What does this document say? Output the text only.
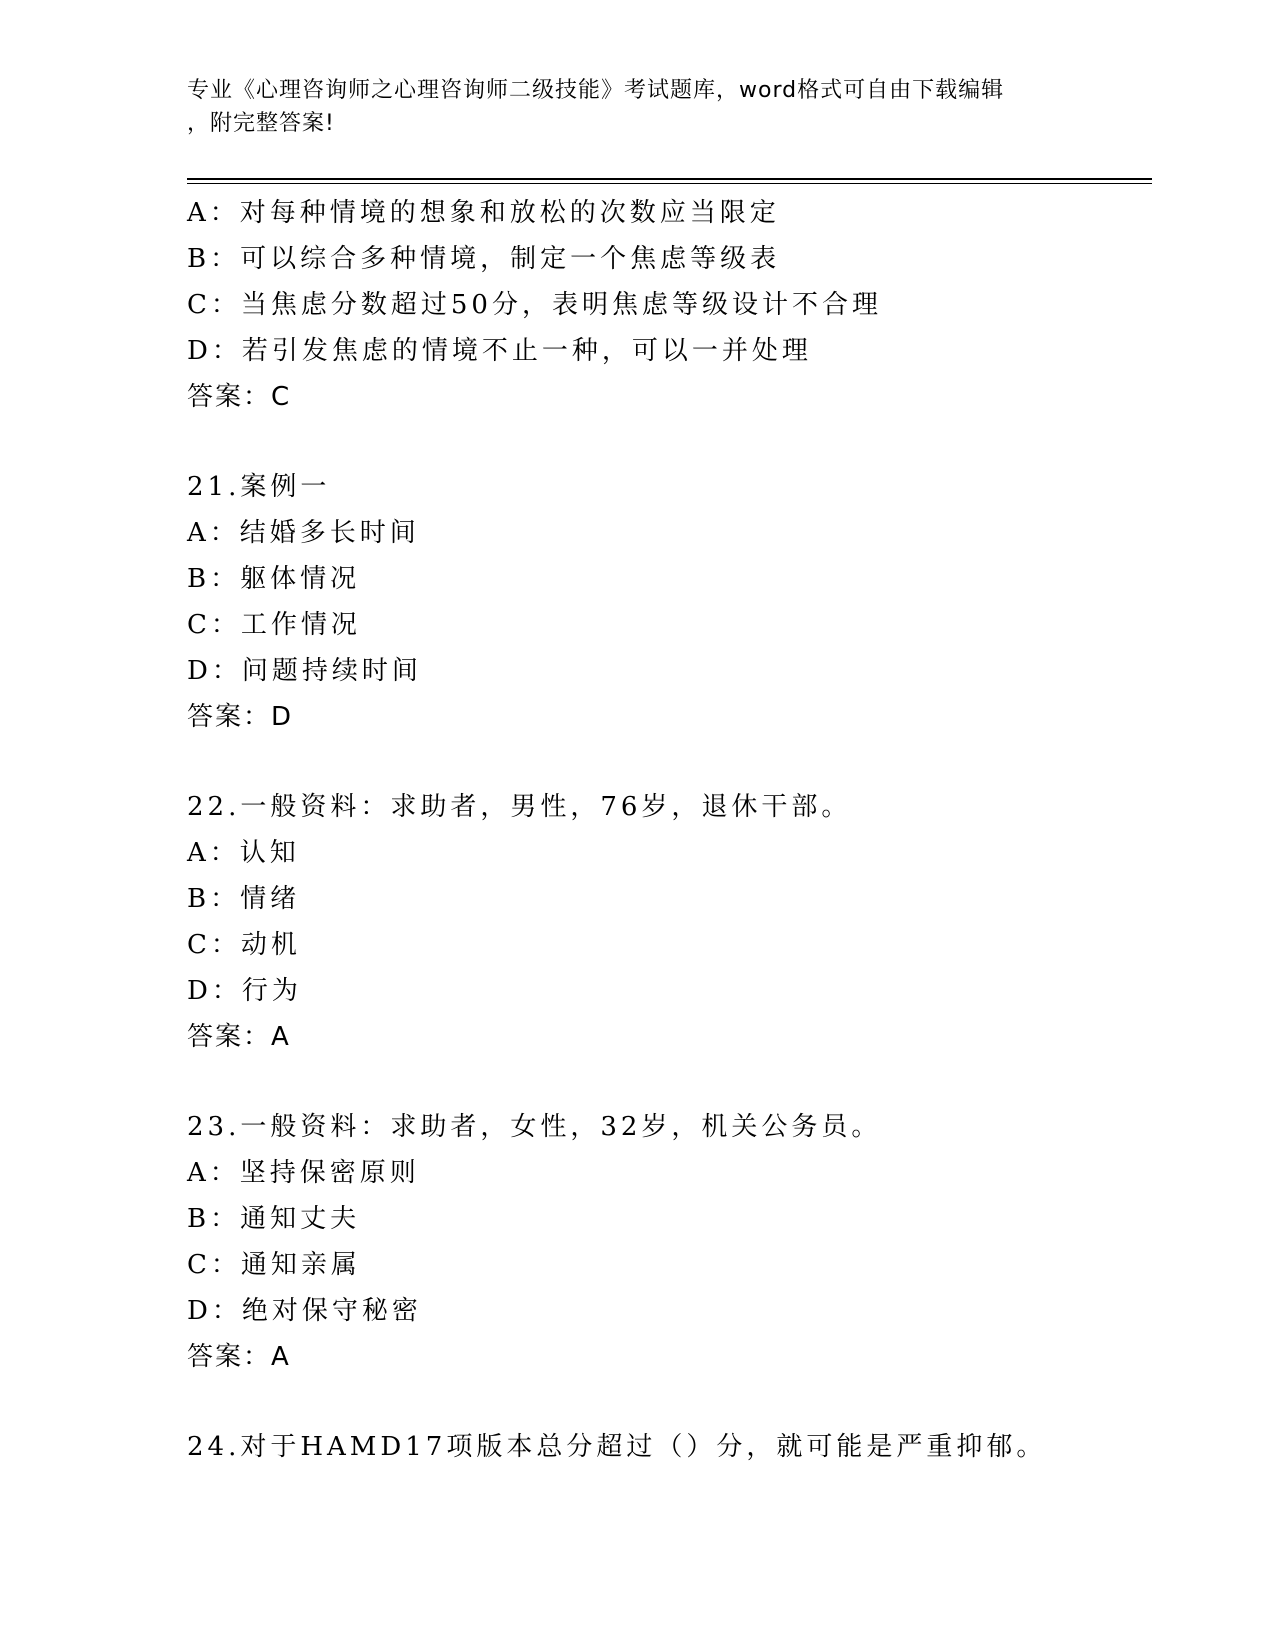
专业《心理咨询师之心理咨询师二级技能》考试题库，word格式可自由下载编辑
，附完整答案!
A：对每种情境的想象和放松的次数应当限定
B：可以综合多种情境，制定一个焦虑等级表
C：当焦虑分数超过50分，表明焦虑等级设计不合理
D：若引发焦虑的情境不止一种，可以一并处理
答案：C
21.案例一
A：结婚多长时间
B：躯体情况
C：工作情况
D：问题持续时间
答案：D
22.一般资料：求助者，男性，76岁，退休干部。
A：认知
B：情绪
C：动机
D：行为
答案：A
23.一般资料：求助者，女性，32岁，机关公务员。
A：坚持保密原则
B：通知丈夫
C：通知亲属
D：绝对保守秘密
答案：A
24.对于HAMD17项版本总分超过（）分，就可能是严重抑郁。
